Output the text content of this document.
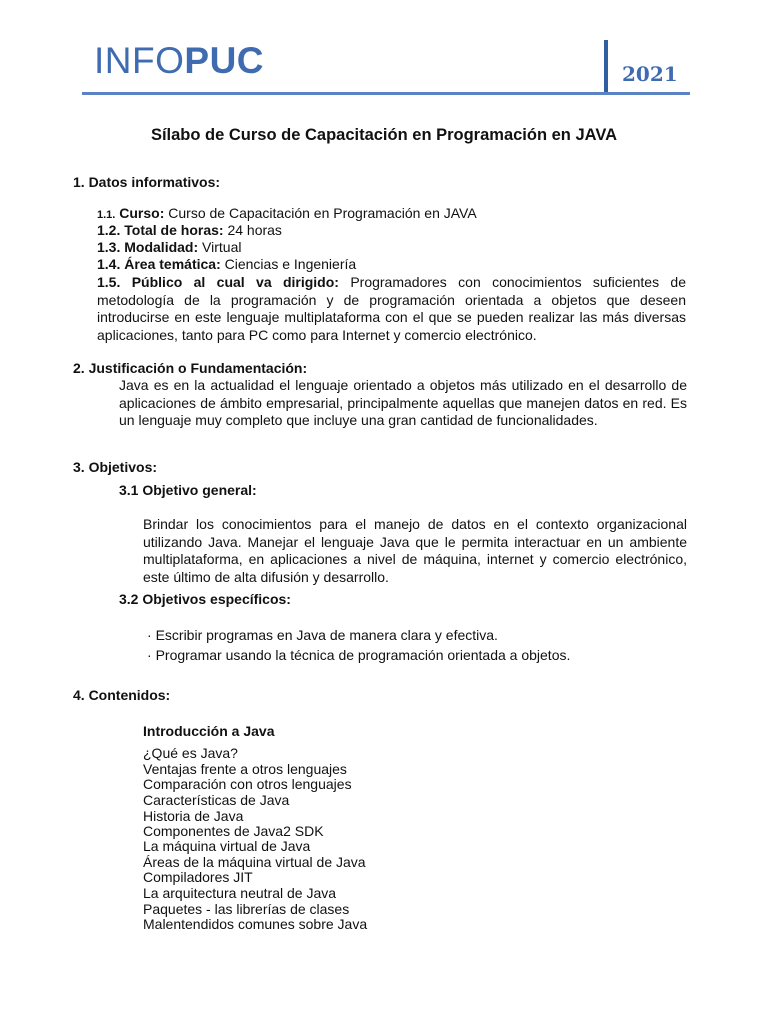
INFOPUC	2021
Sílabo de Curso de Capacitación en Programación en JAVA
1. Datos informativos:
1.1. Curso: Curso de Capacitación en Programación en JAVA
1.2. Total de horas: 24 horas
1.3. Modalidad: Virtual
1.4. Área temática: Ciencias e Ingeniería
1.5. Público al cual va dirigido: Programadores con conocimientos suficientes de metodología de la programación y de programación orientada a objetos que deseen introducirse en este lenguaje multiplataforma con el que se pueden realizar las más diversas aplicaciones, tanto para PC como para Internet y comercio electrónico.
2. Justificación o Fundamentación:
Java es en la actualidad el lenguaje orientado a objetos más utilizado en el desarrollo de aplicaciones de ámbito empresarial, principalmente aquellas que manejen datos en red. Es un lenguaje muy completo que incluye una gran cantidad de funcionalidades.
3. Objetivos:
3.1 Objetivo general:
Brindar los conocimientos para el manejo de datos en el contexto organizacional utilizando Java. Manejar el lenguaje Java que le permita interactuar en un ambiente multiplataforma, en aplicaciones a nivel de máquina, internet y comercio electrónico, este último de alta difusión y desarrollo.
3.2 Objetivos específicos:
· Escribir programas en Java de manera clara y efectiva.
· Programar usando la técnica de programación orientada a objetos.
4. Contenidos:
Introducción a Java
¿Qué es Java?
Ventajas frente a otros lenguajes
Comparación con otros lenguajes
Características de Java
Historia de Java
Componentes de Java2 SDK
La máquina virtual de Java
Áreas de la máquina virtual de Java
Compiladores JIT
La arquitectura neutral de Java
Paquetes - las librerías de clases
Malentendidos comunes sobre Java
